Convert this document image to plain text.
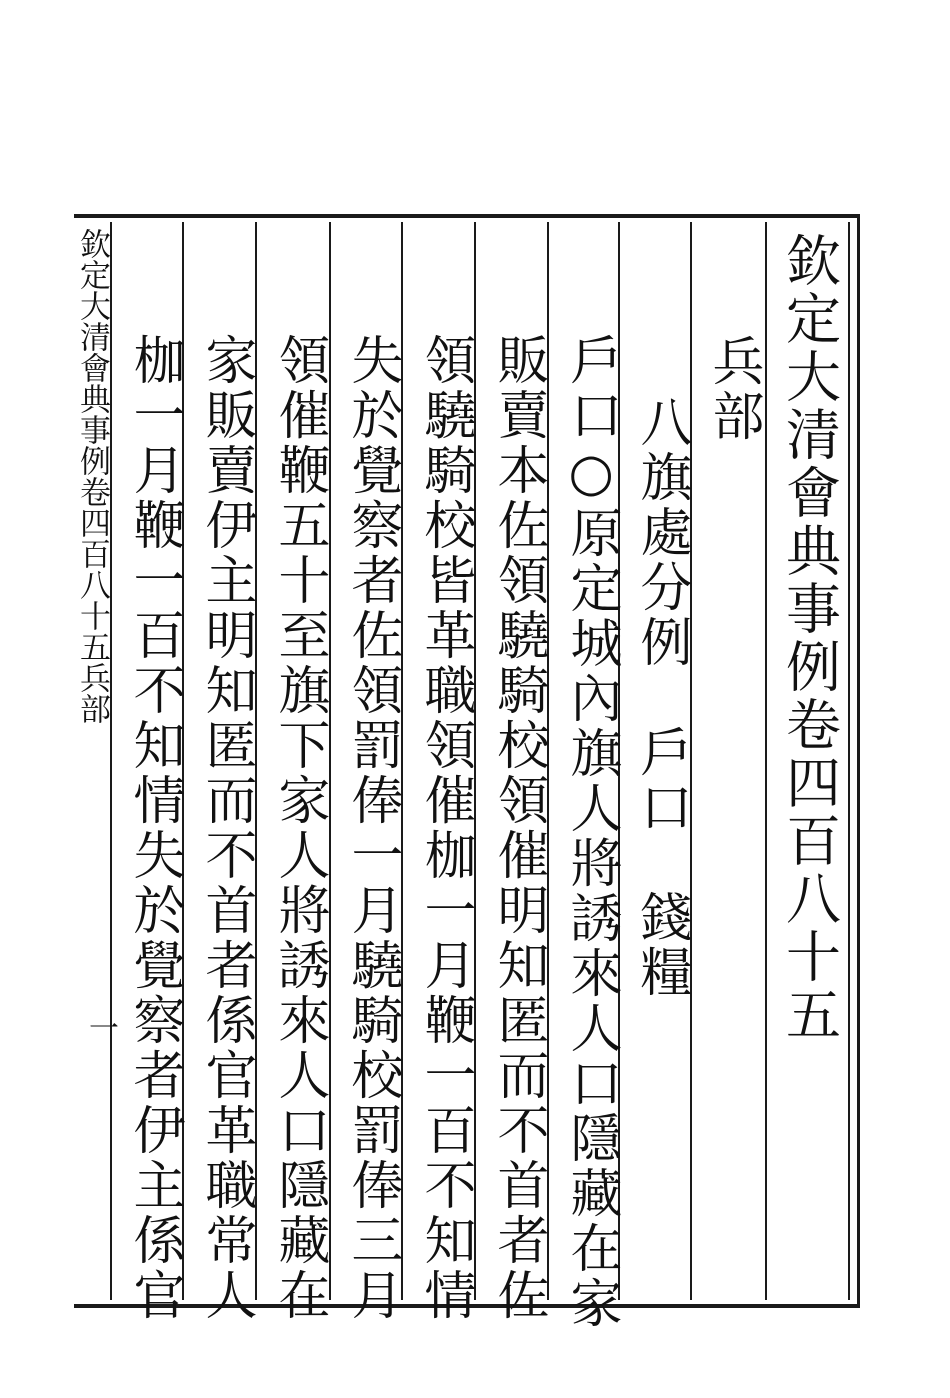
欽定大清會典事例卷四百八十五兵部
一	欽定大清會典事例卷四百八十五
兵部
八旗處分例　戶口　錢糧
戶口○原定城內旗人將誘來人口隱藏在家
販賣本佐領驍騎校領催明知匿而不首者佐
領驍騎校皆革職領催枷一月鞭一百不知情
失於覺察者佐領罰俸一月驍騎校罰俸三月
領催鞭五十至旗下家人將誘來人口隱藏在
家販賣伊主明知匿而不首者係官革職常人
枷一月鞭一百不知情失於覺察者伊主係官
